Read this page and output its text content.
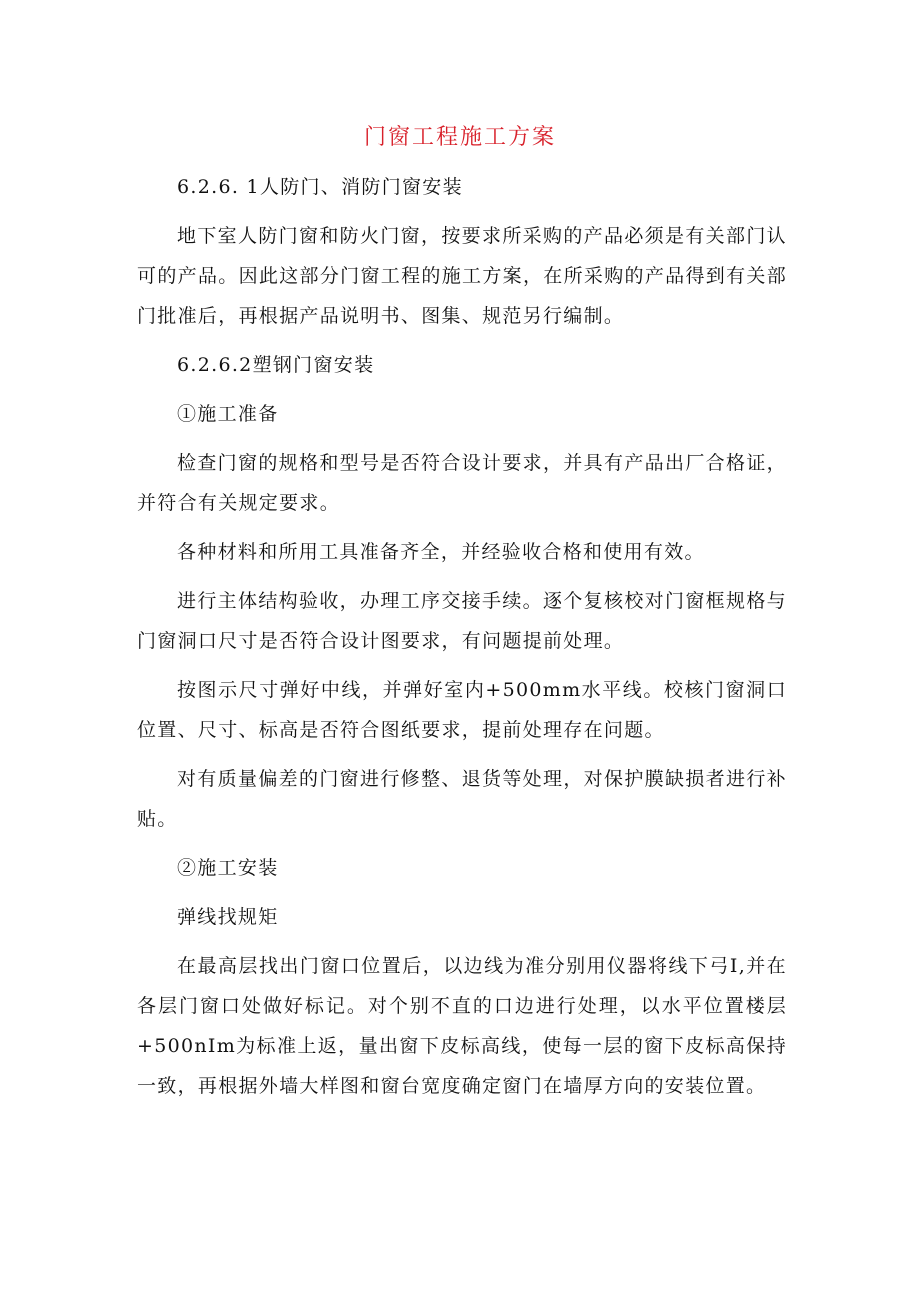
门窗工程施工方案

6.2.6. 1人防门、消防门窗安装

地下室人防门窗和防火门窗，按要求所采购的产品必须是有关部门认可的产品。因此这部分门窗工程的施工方案，在所采购的产品得到有关部门批准后，再根据产品说明书、图集、规范另行编制。

6.2.6.2塑钢门窗安装

①施工准备

检查门窗的规格和型号是否符合设计要求，并具有产品出厂合格证，并符合有关规定要求。

各种材料和所用工具准备齐全，并经验收合格和使用有效。

进行主体结构验收，办理工序交接手续。逐个复核校对门窗框规格与门窗洞口尺寸是否符合设计图要求，有问题提前处理。

按图示尺寸弹好中线，并弹好室内+500mm水平线。校核门窗洞口位置、尺寸、标高是否符合图纸要求，提前处理存在问题。

对有质量偏差的门窗进行修整、退货等处理，对保护膜缺损者进行补贴。

②施工安装

弹线找规矩

在最高层找出门窗口位置后，以边线为准分别用仪器将线下弓I,并在各层门窗口处做好标记。对个别不直的口边进行处理，以水平位置楼层+500nIm为标准上返，量出窗下皮标高线，使每一层的窗下皮标高保持一致，再根据外墙大样图和窗台宽度确定窗门在墙厚方向的安装位置。
